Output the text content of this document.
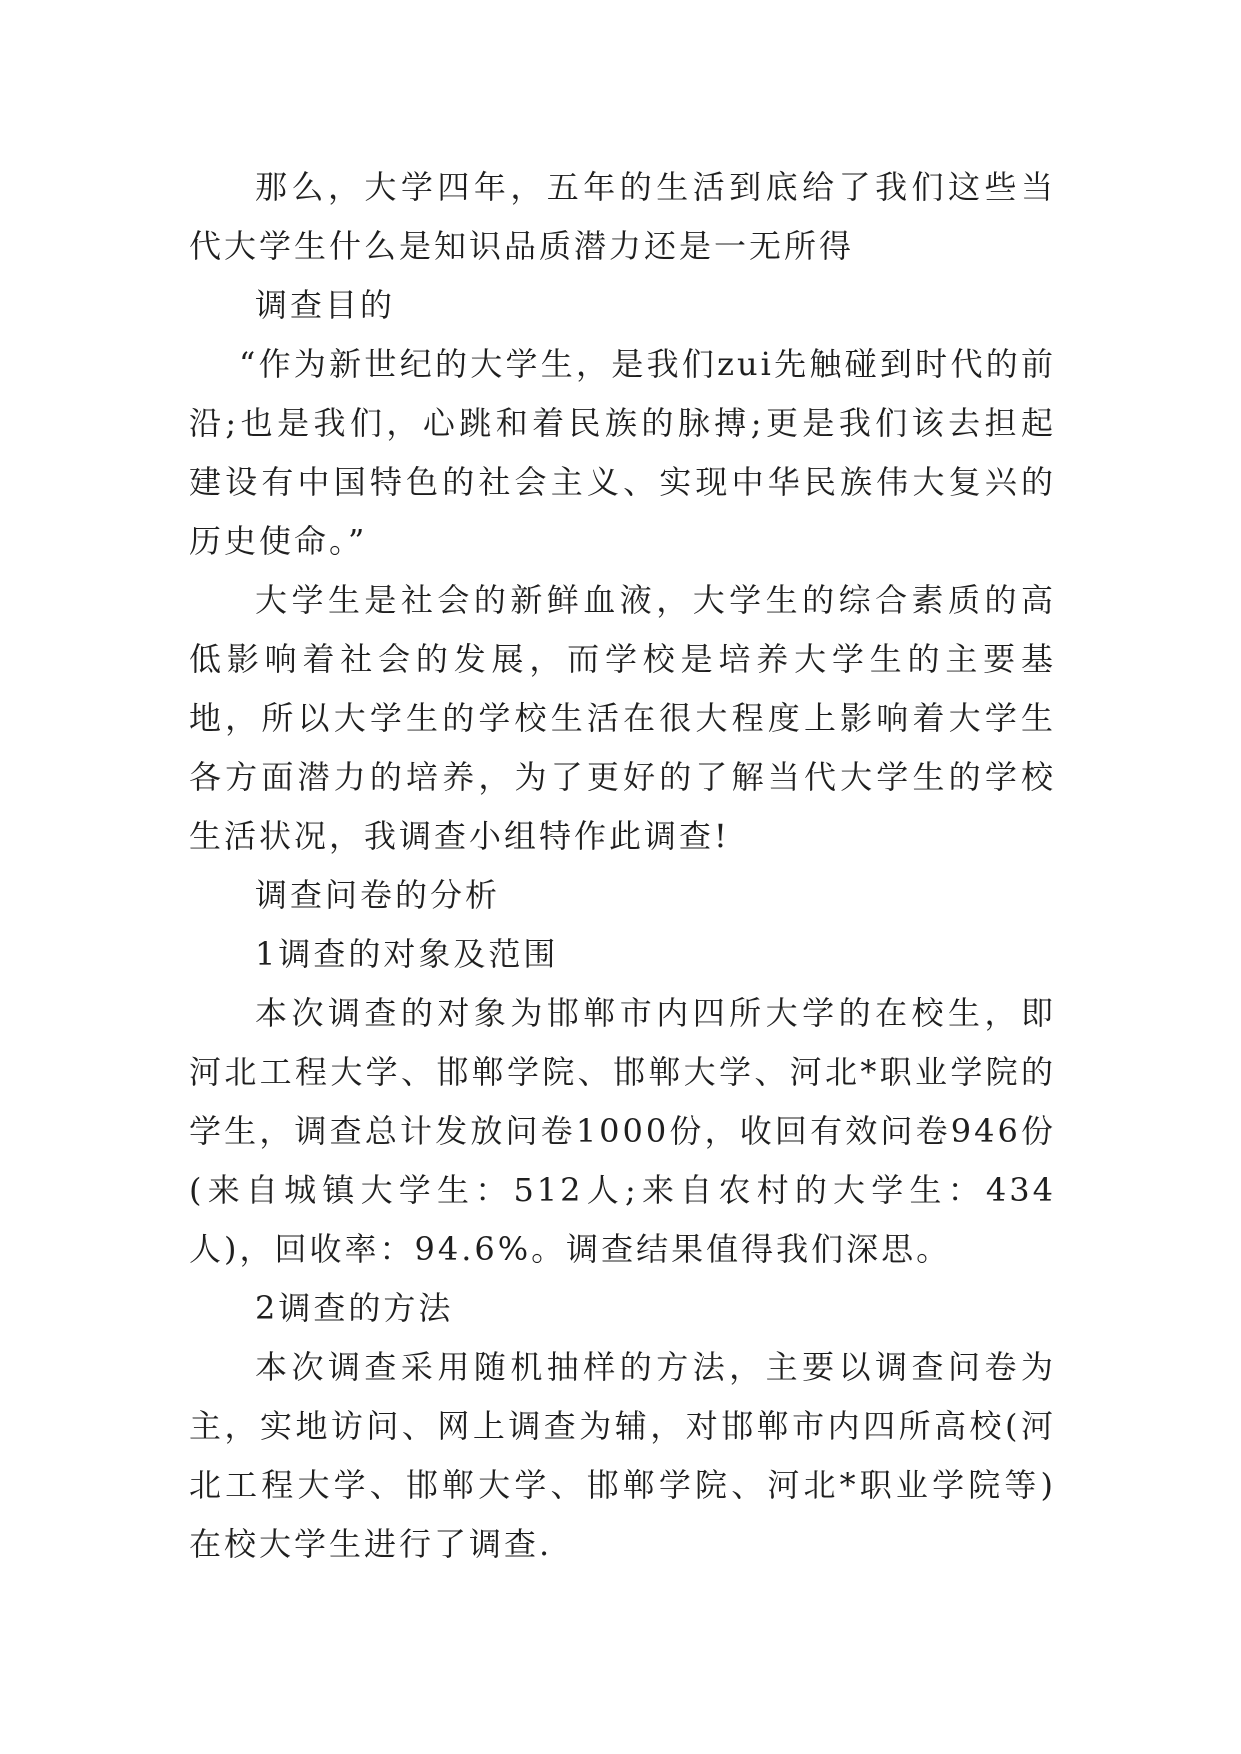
那么，大学四年，五年的生活到底给了我们这些当代大学生什么是知识品质潜力还是一无所得

调查目的

“作为新世纪的大学生，是我们zui先触碰到时代的前沿;也是我们，心跳和着民族的脉搏;更是我们该去担起建设有中国特色的社会主义、实现中华民族伟大复兴的历史使命。”

大学生是社会的新鲜血液，大学生的综合素质的高低影响着社会的发展，而学校是培养大学生的主要基地，所以大学生的学校生活在很大程度上影响着大学生各方面潜力的培养，为了更好的了解当代大学生的学校生活状况，我调查小组特作此调查!

调查问卷的分析

1调查的对象及范围

本次调查的对象为邯郸市内四所大学的在校生，即河北工程大学、邯郸学院、邯郸大学、河北*职业学院的学生，调查总计发放问卷1000份，收回有效问卷946份(来自城镇大学生：512人;来自农村的大学生：434人)，回收率：94.6%。调查结果值得我们深思。

2调查的方法

本次调查采用随机抽样的方法，主要以调查问卷为主，实地访问、网上调查为辅，对邯郸市内四所高校(河北工程大学、邯郸大学、邯郸学院、河北*职业学院等)在校大学生进行了调查.
